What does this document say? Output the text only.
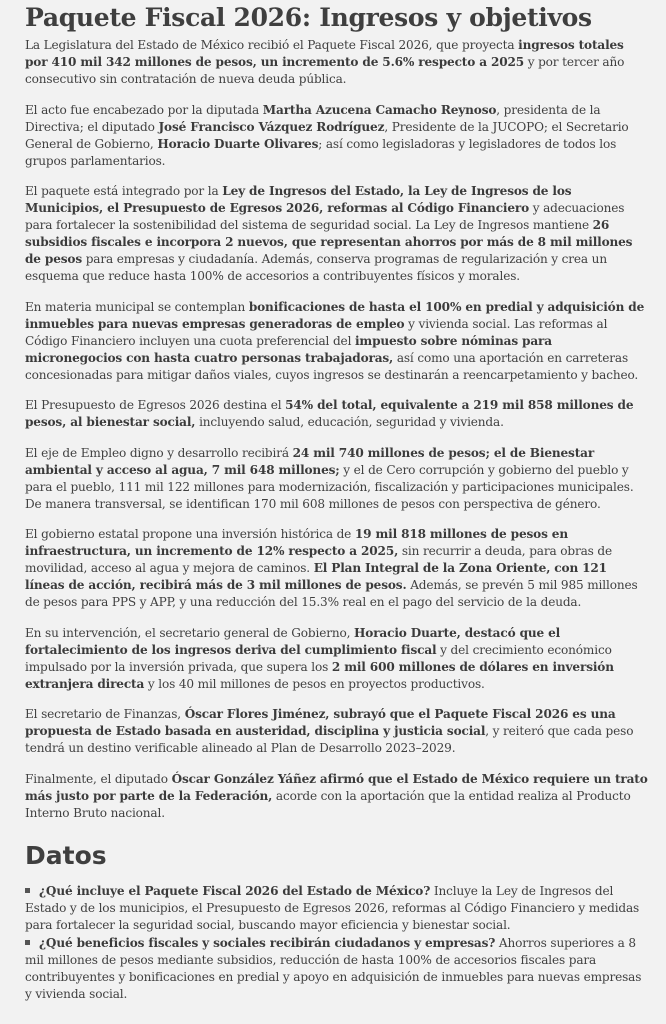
Paquete Fiscal 2026: Ingresos y objetivos

La Legislatura del Estado de México recibió el Paquete Fiscal 2026, que proyecta ingresos totales por 410 mil 342 millones de pesos, un incremento de 5.6% respecto a 2025 y por tercer año consecutivo sin contratación de nueva deuda pública.

El acto fue encabezado por la diputada Martha Azucena Camacho Reynoso, presidenta de la Directiva; el diputado José Francisco Vázquez Rodríguez, Presidente de la JUCOPO; el Secretario General de Gobierno, Horacio Duarte Olivares; así como legisladoras y legisladores de todos los grupos parlamentarios.

El paquete está integrado por la Ley de Ingresos del Estado, la Ley de Ingresos de los Municipios, el Presupuesto de Egresos 2026, reformas al Código Financiero y adecuaciones para fortalecer la sostenibilidad del sistema de seguridad social. La Ley de Ingresos mantiene 26 subsidios fiscales e incorpora 2 nuevos, que representan ahorros por más de 8 mil millones de pesos para empresas y ciudadanía. Además, conserva programas de regularización y crea un esquema que reduce hasta 100% de accesorios a contribuyentes físicos y morales.

En materia municipal se contemplan bonificaciones de hasta el 100% en predial y adquisición de inmuebles para nuevas empresas generadoras de empleo y vivienda social. Las reformas al Código Financiero incluyen una cuota preferencial del impuesto sobre nóminas para micronegocios con hasta cuatro personas trabajadoras, así como una aportación en carreteras concesionadas para mitigar daños viales, cuyos ingresos se destinarán a reencarpetamiento y bacheo.

El Presupuesto de Egresos 2026 destina el 54% del total, equivalente a 219 mil 858 millones de pesos, al bienestar social, incluyendo salud, educación, seguridad y vivienda.

El eje de Empleo digno y desarrollo recibirá 24 mil 740 millones de pesos; el de Bienestar ambiental y acceso al agua, 7 mil 648 millones; y el de Cero corrupción y gobierno del pueblo y para el pueblo, 111 mil 122 millones para modernización, fiscalización y participaciones municipales. De manera transversal, se identifican 170 mil 608 millones de pesos con perspectiva de género.

El gobierno estatal propone una inversión histórica de 19 mil 818 millones de pesos en infraestructura, un incremento de 12% respecto a 2025, sin recurrir a deuda, para obras de movilidad, acceso al agua y mejora de caminos. El Plan Integral de la Zona Oriente, con 121 líneas de acción, recibirá más de 3 mil millones de pesos. Además, se prevén 5 mil 985 millones de pesos para PPS y APP, y una reducción del 15.3% real en el pago del servicio de la deuda.

En su intervención, el secretario general de Gobierno, Horacio Duarte, destacó que el fortalecimiento de los ingresos deriva del cumplimiento fiscal y del crecimiento económico impulsado por la inversión privada, que supera los 2 mil 600 millones de dólares en inversión extranjera directa y los 40 mil millones de pesos en proyectos productivos.

El secretario de Finanzas, Óscar Flores Jiménez, subrayó que el Paquete Fiscal 2026 es una propuesta de Estado basada en austeridad, disciplina y justicia social, y reiteró que cada peso tendrá un destino verificable alineado al Plan de Desarrollo 2023–2029.

Finalmente, el diputado Óscar González Yáñez afirmó que el Estado de México requiere un trato más justo por parte de la Federación, acorde con la aportación que la entidad realiza al Producto Interno Bruto nacional.

Datos
¿Qué incluye el Paquete Fiscal 2026 del Estado de México? Incluye la Ley de Ingresos del Estado y de los municipios, el Presupuesto de Egresos 2026, reformas al Código Financiero y medidas para fortalecer la seguridad social, buscando mayor eficiencia y bienestar social.
¿Qué beneficios fiscales y sociales recibirán ciudadanos y empresas? Ahorros superiores a 8 mil millones de pesos mediante subsidios, reducción de hasta 100% de accesorios fiscales para contribuyentes y bonificaciones en predial y apoyo en adquisición de inmuebles para nuevas empresas y vivienda social.
